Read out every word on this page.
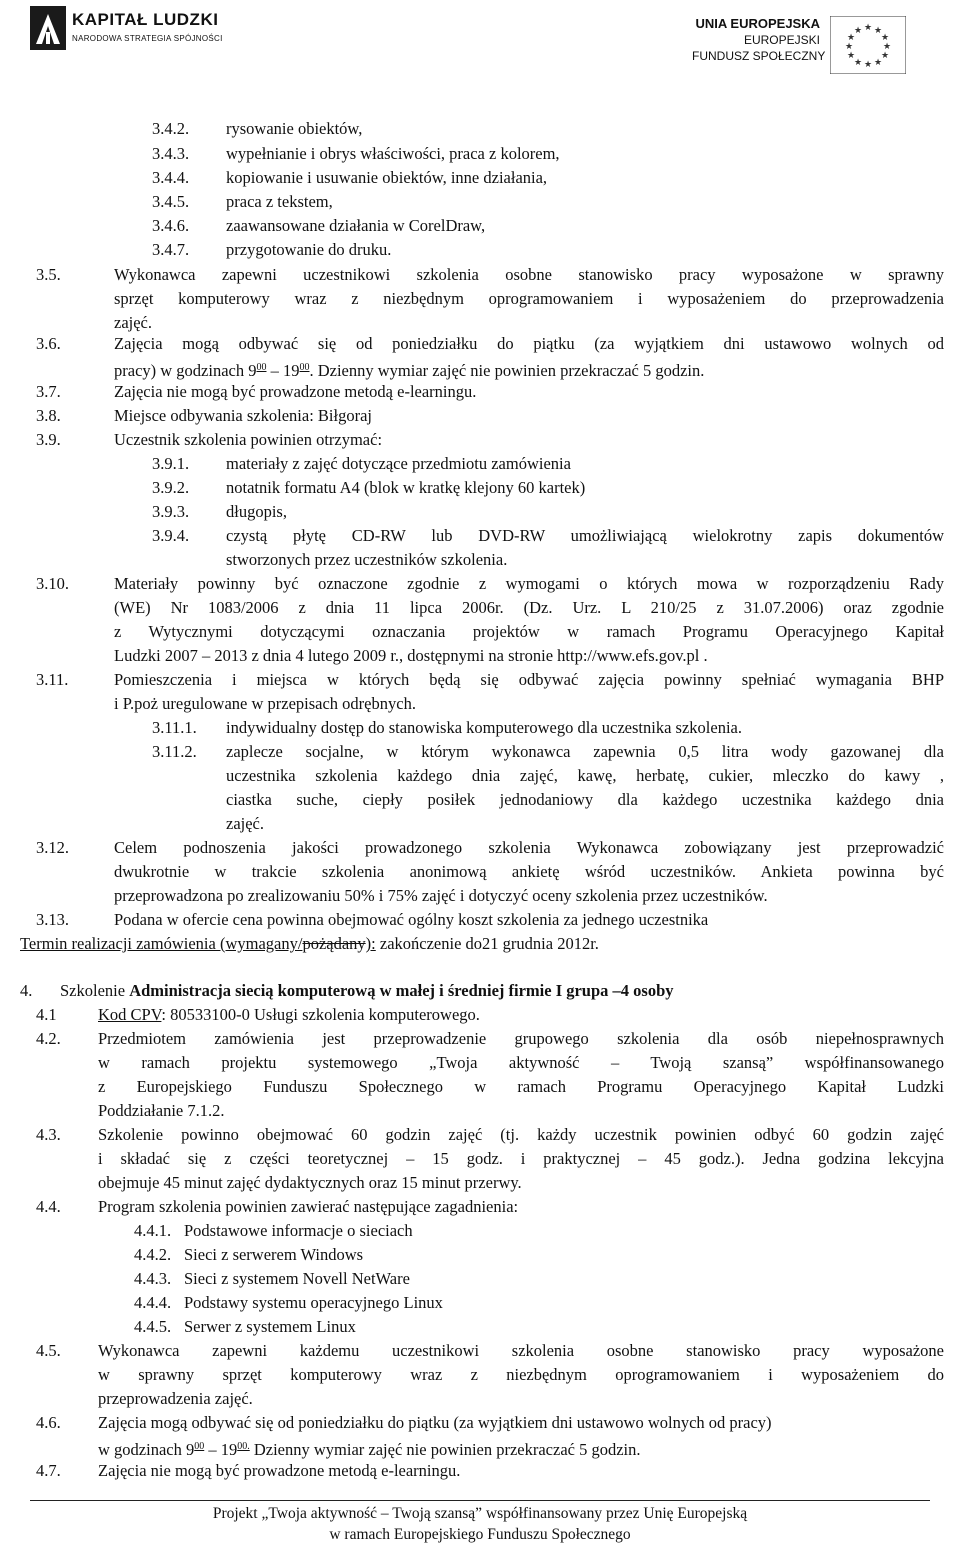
KAPITAŁ LUDZKI
NARODOWA STRATEGIA SPÓJNOŚCI
UNIA EUROPEJSKA
EUROPEJSKI
FUNDUSZ SPOŁECZNY
★ ★
★
★
★
★
★
★
★
★
★
★
3.4.2. rysowanie obiektów,
3.4.3. wypełnianie i obrys właściwości, praca z kolorem,
3.4.4. kopiowanie i usuwanie obiektów, inne działania,
3.4.5. praca z tekstem,
3.4.6. zaawansowane działania w CorelDraw,
3.4.7. przygotowanie do druku.
3.5.	Wykonawca zapewni uczestnikowi szkolenia osobne stanowisko pracy wyposażone w sprawny
sprzęt komputerowy wraz z niezbędnym oprogramowaniem i wyposażeniem do przeprowadzenia
zajęć.
3.6.	Zajęcia mogą odbywać się od poniedziałku do piątku (za wyjątkiem dni ustawowo wolnych od
pracy) w godzinach $9^{00} - 19^{00}$. Dzienny wymiar zajęć nie powinien przekraczać 5 godzin.
3.7.	Zajęcia nie mogą być prowadzone metodą e-learningu.
3.8.	Miejsce odbywania szkolenia: Biłgoraj
3.9.	Uczestnik szkolenia powinien otrzymać:
3.9.1. materiały z zajęć dotyczące przedmiotu zamówienia
3.9.2. notatnik formatu A4 (blok w kratkę klejony 60 kartek)
3.9.3. długopis,
3.9.4. czystą płytę CD-RW lub DVD-RW umożliwiającą wielokrotny zapis dokumentów
stworzonych przez uczestników szkolenia.
3.10.	Materiały powinny być oznaczone zgodnie z wymogami o których mowa w rozporządzeniu Rady
(WE) Nr 1083/2006 z dnia 11 lipca 2006r. (Dz. Urz. L 210/25 z 31.07.2006) oraz zgodnie
z Wytycznymi dotyczącymi oznaczania projektów w ramach Programu Operacyjnego Kapitał
Ludzki 2007 – 2013 z dnia 4 lutego 2009 r., dostępnymi na stronie http://www.efs.gov.pl .
3.11.	Pomieszczenia i miejsca w których będą się odbywać zajęcia powinny spełniać wymagania BHP
i P.poż uregulowane w przepisach odrębnych.
3.11.1. indywidualny dostęp do stanowiska komputerowego dla uczestnika szkolenia.
3.11.2. zaplecze socjalne, w którym wykonawca zapewnia 0,5 litra wody gazowanej dla
uczestnika szkolenia każdego dnia zajęć, kawę, herbatę, cukier, mleczko do kawy ,
ciastka suche, ciepły posiłek jednodaniowy dla każdego uczestnika każdego dnia
zajęć.
3.12.	Celem podnoszenia jakości prowadzonego szkolenia Wykonawca zobowiązany jest przeprowadzić
dwukrotnie w trakcie szkolenia anonimową ankietę wśród uczestników. Ankieta powinna być
przeprowadzona po zrealizowaniu 50% i 75% zajęć i dotyczyć oceny szkolenia przez uczestników.
3.13.	Podana w ofercie cena powinna obejmować ogólny koszt szkolenia za jednego uczestnika
Termin realizacji zamówienia (wymagany/pożądany): zakończenie do21 grudnia 2012r.
4. Szkolenie Administracja siecią komputerową w małej i średniej firmie I grupa –4 osoby
4.1	Kod CPV: 80533100-0 Usługi szkolenia komputerowego.
4.2. Przedmiotem zamówienia jest przeprowadzenie grupowego szkolenia dla osób niepełnosprawnych
w ramach projektu systemowego „Twoja aktywność – Twoją szansą” współfinansowanego
z Europejskiego Funduszu Społecznego w ramach Programu Operacyjnego Kapitał Ludzki
Poddziałanie 7.1.2.
4.3. Szkolenie powinno obejmować 60 godzin zajęć (tj. każdy uczestnik powinien odbyć 60 godzin zajęć
i składać się z części teoretycznej – 15 godz. i praktycznej – 45 godz.). Jedna godzina lekcyjna
obejmuje 45 minut zajęć dydaktycznych oraz 15 minut przerwy.
4.4. Program szkolenia powinien zawierać następujące zagadnienia:
4.4.1. Podstawowe informacje o sieciach
4.4.2. Sieci z serwerem Windows
4.4.3. Sieci z systemem Novell NetWare
4.4.4. Podstawy systemu operacyjnego Linux
4.4.5. Serwer z systemem Linux
4.5. Wykonawca zapewni każdemu uczestnikowi szkolenia osobne stanowisko pracy wyposażone
w sprawny sprzęt komputerowy wraz z niezbędnym oprogramowaniem i wyposażeniem do
przeprowadzenia zajęć.
4.6. Zajęcia mogą odbywać się od poniedziałku do piątku (za wyjątkiem dni ustawowo wolnych od pracy)
w godzinach $9^{00} - 19^{00.}$ Dzienny wymiar zajęć nie powinien przekraczać 5 godzin.
4.7. Zajęcia nie mogą być prowadzone metodą e-learningu.
Projekt „Twoja aktywność – Twoją szansą” współfinansowany przez Unię Europejską
w ramach Europejskiego Funduszu Społecznego
